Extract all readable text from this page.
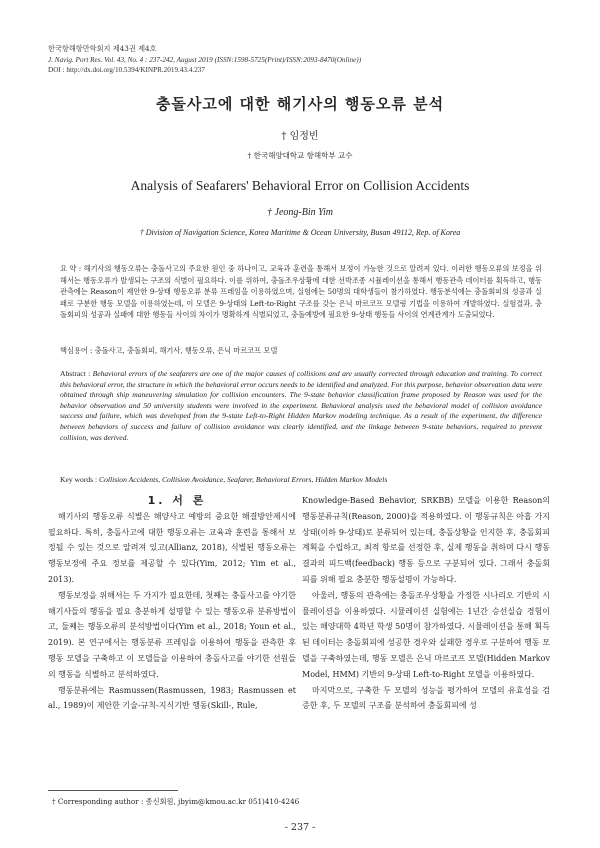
한국항해항만학회지 제43권 제4호
J. Navig. Port Res. Vol. 43, No. 4 : 237-242, August 2019 (ISSN:1598-5725(Print)/ISSN:2093-8470(Online))
DOI : http://dx.doi.org/10.5394/KINPR.2019.43.4.237
충돌사고에 대한 해기사의 행동오류 분석
† 임정빈
† 한국해양대학교 항해학부 교수
Analysis of Seafarers' Behavioral Error on Collision Accidents
† Jeong-Bin Yim
† Division of Navigation Science, Korea Maritime & Ocean University, Busan 49112, Rep. of Korea
요 약 : 해기사의 행동오류는 충돌사고의 주요한 원인 중 하나이고, 교육과 훈련을 통해서 보정이 가능한 것으로 알려져 있다. 이러한 행동오류의 보정을 위해서는 행동오류가 발생되는 구조의 식별이 필요하다. 이를 위하여, 충돌조우상황에 대한 선박조종 시뮬레이션을 통해서 행동관측 데이터를 획득하고, 행동관측에는 Reason이 제안한 9-상태 행동오류 분류 프레임을 이용하였으며, 실험에는 50명의 대학생들이 참가하였다. 행동분석에는 충돌회피의 성공과 실패로 구분한 행동 모델을 이용하였는데, 이 모델은 9-상태의 Left-to-Right 구조를 갖는 은닉 마르코프 모델링 기법을 이용하여 개발하였다. 실험결과, 충돌회피의 성공과 실패에 대한 행동들 사이의 차이가 명확하게 식별되었고, 충돌예방에 필요한 9-상태 행동들 사이의 연계관계가 도출되었다.
핵심용어 : 충돌사고, 충돌회피, 해기사, 행동오류, 은닉 마르코프 모델
Abstract : Behavioral errors of the seafarers are one of the major causes of collisions and are usually corrected through education and training. To correct this behavioral error, the structure in which the behavioral error occurs needs to be identified and analyzed. For this purpose, behavior observation data were obtained through ship maneuvering simulation for collision encounters. The 9-state behavior classification frame proposed by Reason was used for the behavior observation and 50 university students were involved in the experiment. Behavioral analysis used the behavioral model of collision avoidance success and failure, which was developed from the 9-state Left-to-Right Hidden Markov modeling technique. As a result of the experiment, the difference between behaviors of success and failure of collision avoidance was clearly identified, and the linkage between 9-state behaviors, required to prevent collision, was derived.
Key words : Collision Accidents, Collision Avoidance, Seafarer, Behavioral Errors, Hidden Markov Models

1. 서 론

해기사의 행동오류 식별은 해양사고 예방의 중요한 해결방안제시에 필요하다. 특히, 충돌사고에 대한 행동오류는 교육과 훈련을 통해서 보정될 수 있는 것으로 알려져 있고(Allianz, 2018), 식별된 행동오류는 행동보정에 주요 정보를 제공할 수 있다(Yim, 2012; Yim et al., 2013).

행동보정을 위해서는 두 가지가 필요한데, 첫째는 충돌사고를 야기한 해기사들의 행동을 필요 충분하게 설명할 수 있는 행동오류 분류방법이고, 둘째는 행동오류의 분석방법이다(Yim et al., 2018; Youn et al., 2019). 본 연구에서는 행동분류 프레임을 이용하여 행동을 관측한 후 행동 모델을 구축하고 이 모델들을 이용하여 충돌사고를 야기한 선원들의 행동을 식별하고 분석하였다.

행동분류에는 Rasmussen(Rasmussen, 1983; Rasmussen et al., 1989)이 제안한 기술-규칙-지식기반 행동(Skill-, Rule,

Knowledge-Based Behavior, SRKBB) 모델을 이용한 Reason의 행동분류규칙(Reason, 2000)을 적용하였다. 이 행동규칙은 아홉 가지 상태(이하 9-상태)로 분류되어 있는데, 충돌상황을 인지한 후, 충돌회피 계획을 수립하고, 최적 항로를 선정한 후, 실제 행동을 취하며 다시 행동 결과의 피드백(feedback) 행동 등으로 구분되어 있다. 그래서 충돌회피를 위해 필요 충분한 행동설명이 가능하다.

아울러, 행동의 관측에는 충돌조우상황을 가정한 시나리오 기반의 시뮬레이션을 이용하였다. 시뮬레이션 실험에는 1년간 승선실습 경험이 있는 해양대학 4학년 학생 50명이 참가하였다. 시뮬레이션을 통해 획득된 데이터는 충돌회피에 성공한 경우와 실패한 경우로 구분하여 행동 모델을 구축하였는데, 행동 모델은 은닉 마르코프 모델(Hidden Markov Model, HMM) 기반의 9-상태 Left-to-Right 모델을 이용하였다.

마지막으로, 구축한 두 모델의 성능을 평가하여 모델의 유효성을 검증한 후, 두 모델의 구조를 분석하여 충돌회피에 성

† Corresponding author : 종신회원, jbyim@kmou.ac.kr 051)410-4246
- 237 -
